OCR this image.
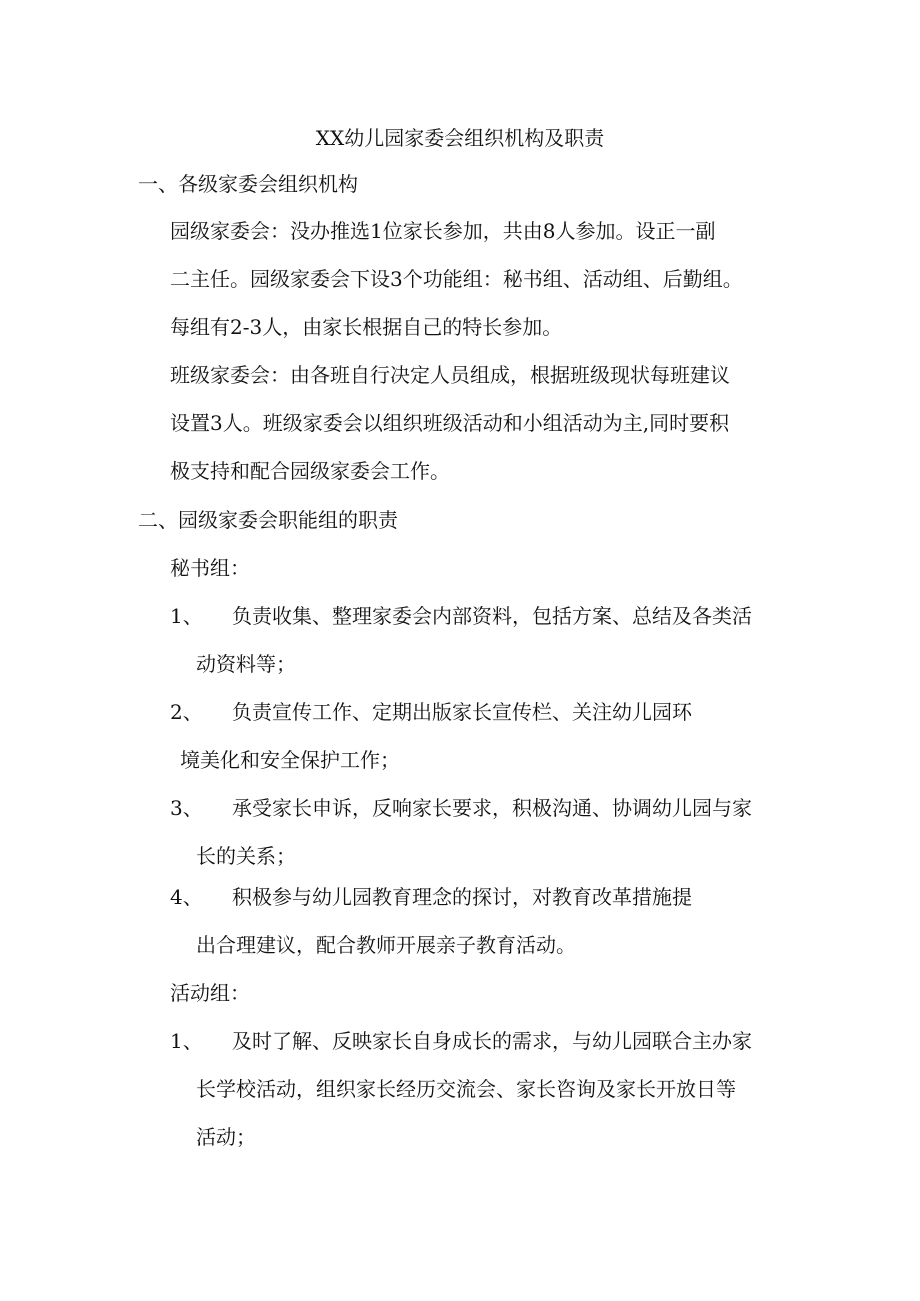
XX幼儿园家委会组织机构及职责
一、各级家委会组织机构
园级家委会：没办推选1位家长参加，共由8人参加。设正一副
二主任。园级家委会下设3个功能组：秘书组、活动组、后勤组。
每组有2-3人，由家长根据自己的特长参加。
班级家委会：由各班自行决定人员组成，根据班级现状每班建议
设置3人。班级家委会以组织班级活动和小组活动为主,同时要积
极支持和配合园级家委会工作。
二、园级家委会职能组的职责
秘书组：
1、 负责收集、整理家委会内部资料，包括方案、总结及各类活
动资料等；
2、 负责宣传工作、定期出版家长宣传栏、关注幼儿园环
境美化和安全保护工作；
3、 承受家长申诉，反响家长要求，积极沟通、协调幼儿园与家
长的关系；
4、 积极参与幼儿园教育理念的探讨，对教育改革措施提
出合理建议，配合教师开展亲子教育活动。
活动组：
1、 及时了解、反映家长自身成长的需求，与幼儿园联合主办家
长学校活动，组织家长经历交流会、家长咨询及家长开放日等
活动；
